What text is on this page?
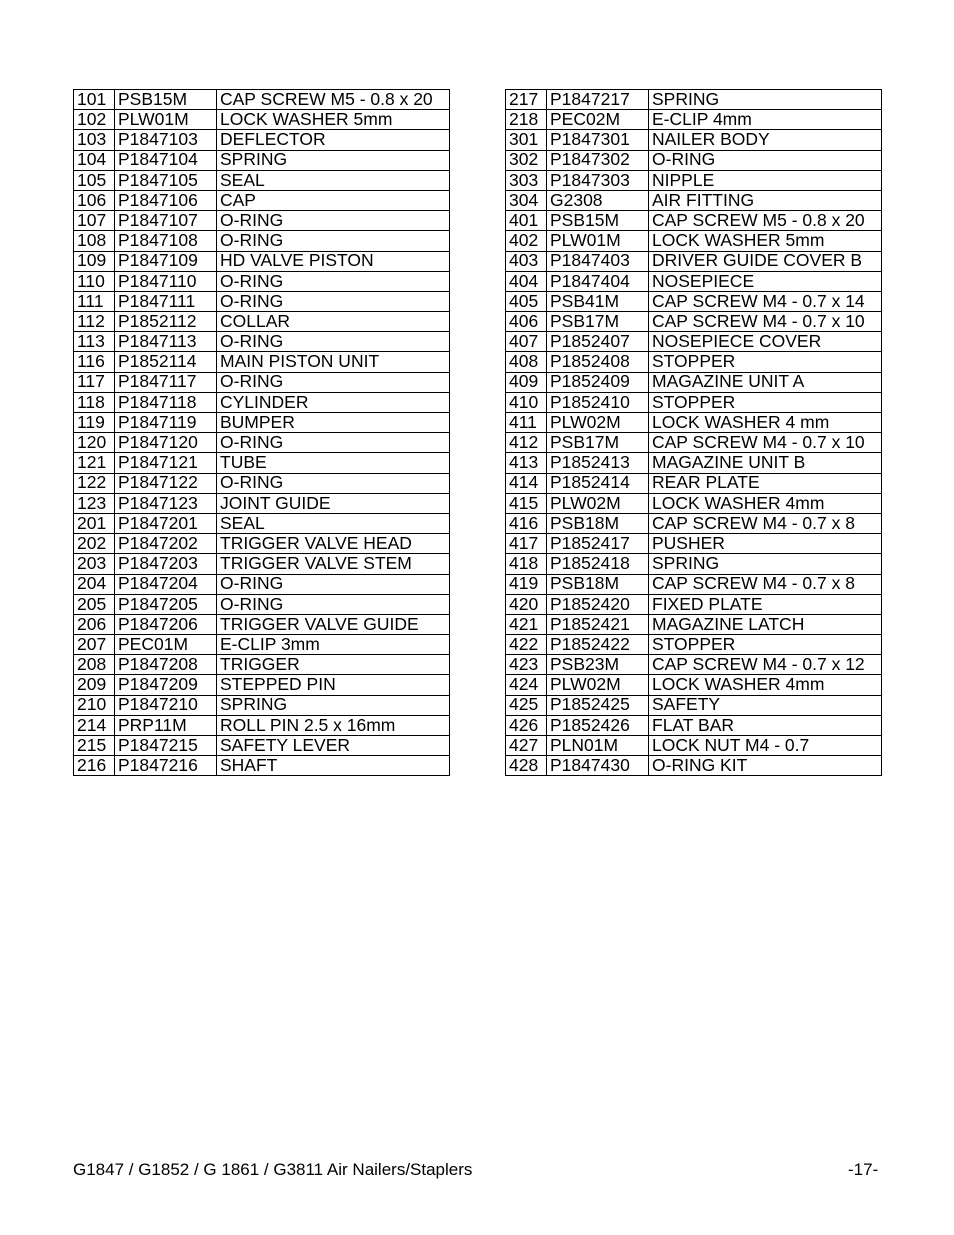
101	PSB15M	CAP SCREW M5 - 0.8 x 20
102	PLW01M	LOCK WASHER 5mm
103	P1847103	DEFLECTOR
104	P1847104	SPRING
105	P1847105	SEAL
106	P1847106	CAP
107	P1847107	O-RING
108	P1847108	O-RING
109	P1847109	HD VALVE PISTON
110	P1847110	O-RING
111	P1847111	O-RING
112	P1852112	COLLAR
113	P1847113	O-RING
116	P1852114	MAIN PISTON UNIT
117	P1847117	O-RING
118	P1847118	CYLINDER
119	P1847119	BUMPER
120	P1847120	O-RING
121	P1847121	TUBE
122	P1847122	O-RING
123	P1847123	JOINT GUIDE
201	P1847201	SEAL
202	P1847202	TRIGGER VALVE HEAD
203	P1847203	TRIGGER VALVE STEM
204	P1847204	O-RING
205	P1847205	O-RING
206	P1847206	TRIGGER VALVE GUIDE
207	PEC01M	E-CLIP 3mm
208	P1847208	TRIGGER
209	P1847209	STEPPED PIN
210	P1847210	SPRING
214	PRP11M	ROLL PIN 2.5 x 16mm
215	P1847215	SAFETY LEVER
216	P1847216	SHAFT
217	P1847217	SPRING
218	PEC02M	E-CLIP 4mm
301	P1847301	NAILER BODY
302	P1847302	O-RING
303	P1847303	NIPPLE
304	G2308	AIR FITTING
401	PSB15M	CAP SCREW M5 - 0.8 x 20
402	PLW01M	LOCK WASHER 5mm
403	P1847403	DRIVER GUIDE COVER B
404	P1847404	NOSEPIECE
405	PSB41M	CAP SCREW M4 - 0.7 x 14
406	PSB17M	CAP SCREW M4 - 0.7 x 10
407	P1852407	NOSEPIECE COVER
408	P1852408	STOPPER
409	P1852409	MAGAZINE UNIT A
410	P1852410	STOPPER
411	PLW02M	LOCK WASHER 4 mm
412	PSB17M	CAP SCREW M4 - 0.7 x 10
413	P1852413	MAGAZINE UNIT B
414	P1852414	REAR PLATE
415	PLW02M	LOCK WASHER 4mm
416	PSB18M	CAP SCREW M4 - 0.7 x 8
417	P1852417	PUSHER
418	P1852418	SPRING
419	PSB18M	CAP SCREW M4 - 0.7 x 8
420	P1852420	FIXED PLATE
421	P1852421	MAGAZINE LATCH
422	P1852422	STOPPER
423	PSB23M	CAP SCREW M4 - 0.7 x 12
424	PLW02M	LOCK WASHER 4mm
425	P1852425	SAFETY
426	P1852426	FLAT BAR
427	PLN01M	LOCK NUT M4 - 0.7
428	P1847430	O-RING KIT
G1847 / G1852 / G 1861 / G3811 Air Nailers/Staplers	-17-
